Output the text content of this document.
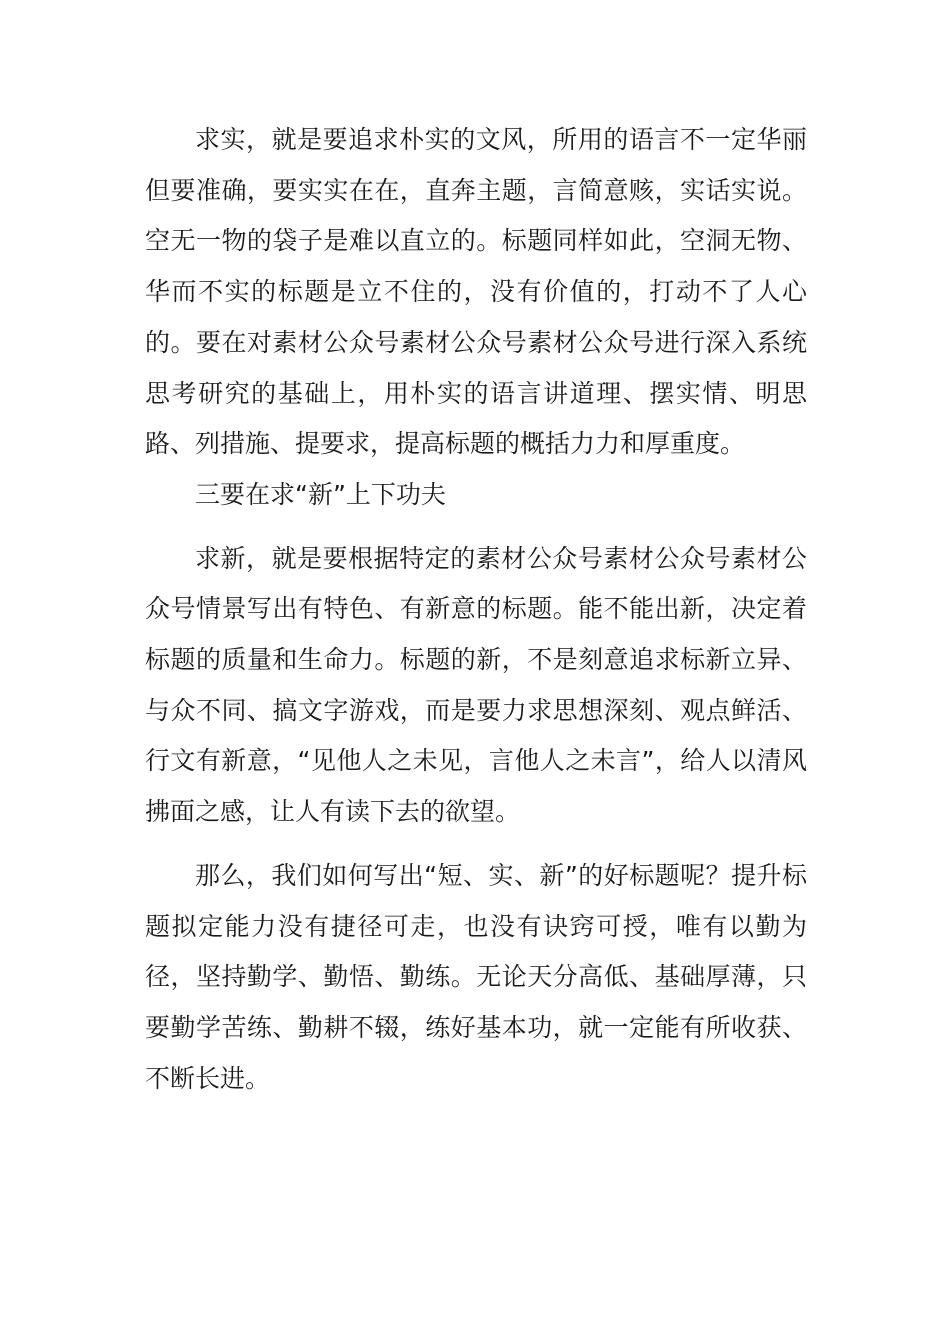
求实，就是要追求朴实的文风，所用的语言不一定华丽但要准确，要实实在在，直奔主题，言简意赅，实话实说。空无一物的袋子是难以直立的。标题同样如此，空洞无物、华而不实的标题是立不住的，没有价值的，打动不了人心的。要在对素材公众号素材公众号素材公众号进行深入系统思考研究的基础上，用朴实的语言讲道理、摆实情、明思路、列措施、提要求，提高标题的概括力力和厚重度。

三要在求“新”上下功夫

求新，就是要根据特定的素材公众号素材公众号素材公众号情景写出有特色、有新意的标题。能不能出新，决定着标题的质量和生命力。标题的新，不是刻意追求标新立异、与众不同、搞文字游戏，而是要力求思想深刻、观点鲜活、行文有新意，“见他人之未见，言他人之未言”，给人以清风拂面之感，让人有读下去的欲望。

那么，我们如何写出“短、实、新”的好标题呢？提升标题拟定能力没有捷径可走，也没有诀窍可授，唯有以勤为径，坚持勤学、勤悟、勤练。无论天分高低、基础厚薄，只要勤学苦练、勤耕不辍，练好基本功，就一定能有所收获、不断长进。
